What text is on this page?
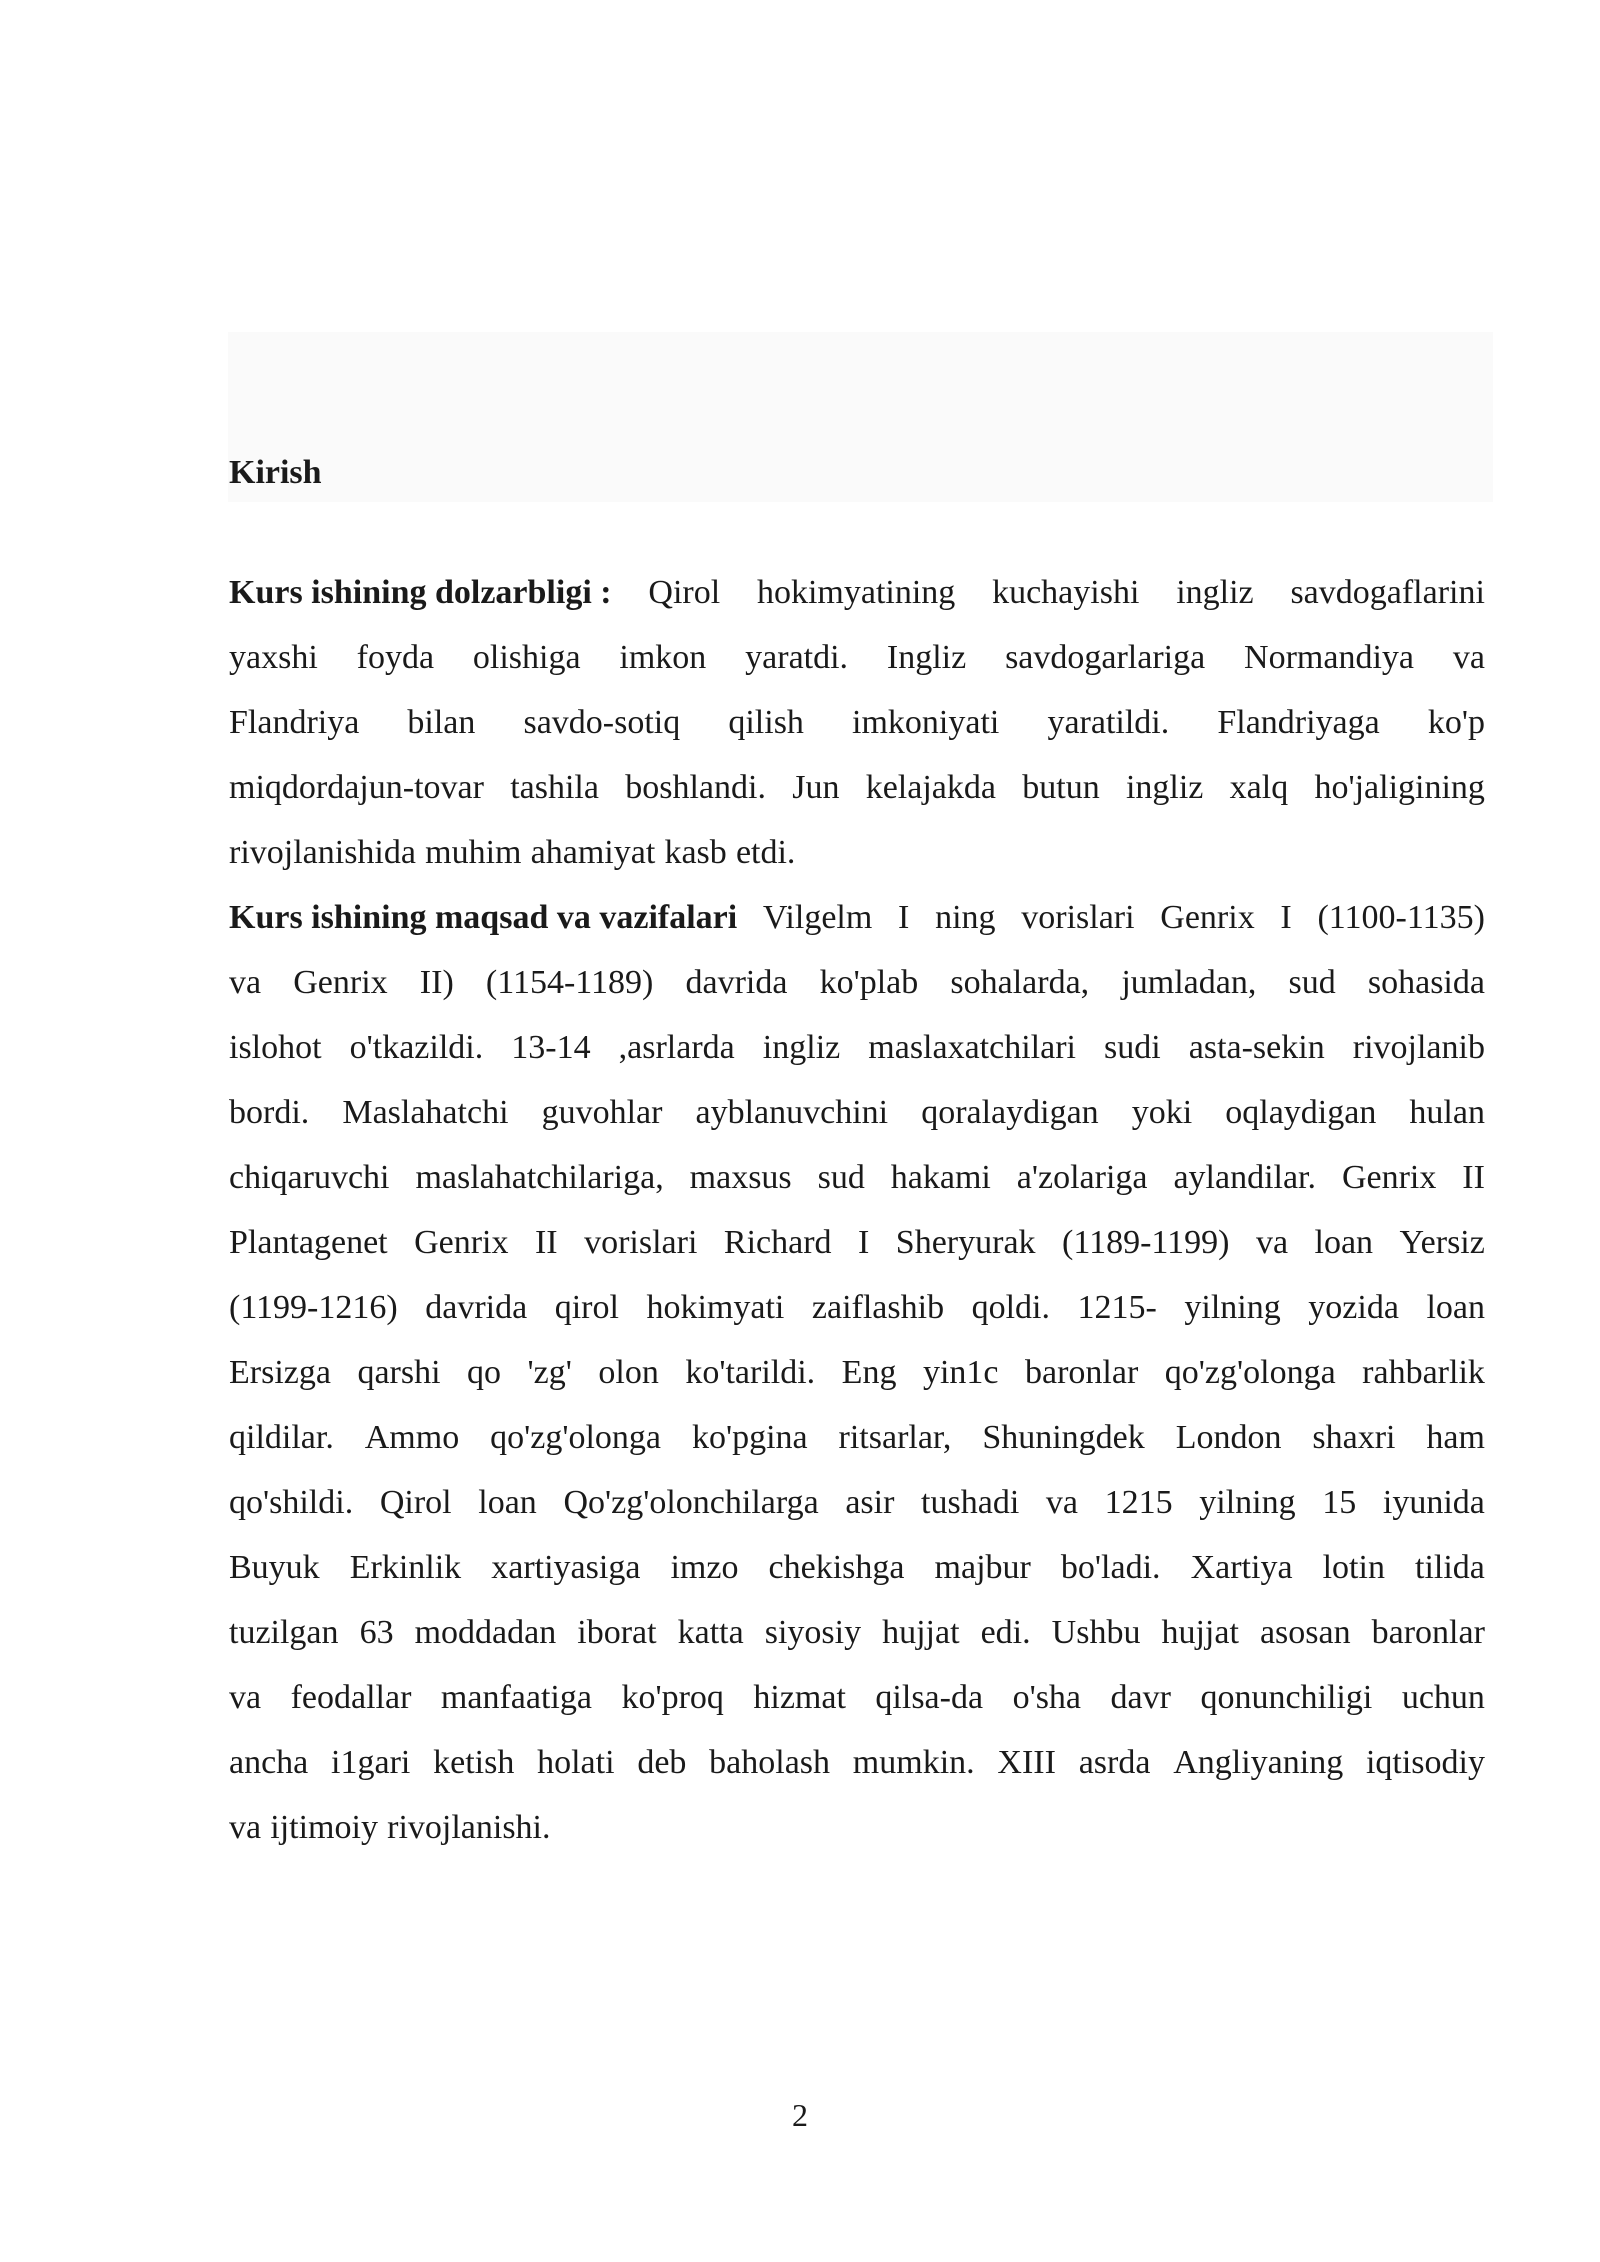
Kirish
Kurs ishining dolzarbligi : Qirol hokimyatining kuchayishi ingliz savdogaflarini
yaxshi foyda olishiga imkon yaratdi. Ingliz savdogarlariga Normandiya va
Flandriya bilan savdo-sotiq qilish imkoniyati yaratildi. Flandriyaga ko'p
miqdordajun-tovar tashila boshlandi. Jun kelajakda butun ingliz xalq ho'jaligining
rivojlanishida muhim ahamiyat kasb etdi.
Kurs ishining maqsad va vazifalari Vilgelm I ning vorislari Genrix I (1100-1135)
va Genrix II) (1154-1189) davrida ko'plab sohalarda, jumladan, sud sohasida
islohot o'tkazildi. 13-14 ,asrlarda ingliz maslaxatchilari sudi asta-sekin rivojlanib
bordi. Maslahatchi guvohlar ayblanuvchini qoralaydigan yoki oqlaydigan hulan
chiqaruvchi maslahatchilariga, maxsus sud hakami a'zolariga aylandilar. Genrix II
Plantagenet Genrix II vorislari Richard I Sheryurak (1189-1199) va loan Yersiz
(1199-1216) davrida qirol hokimyati zaiflashib qoldi. 1215- yilning yozida loan
Ersizga qarshi qo 'zg' olon ko'tarildi. Eng yin1c baronlar qo'zg'olonga rahbarlik
qildilar. Ammo qo'zg'olonga ko'pgina ritsarlar, Shuningdek London shaxri ham
qo'shildi. Qirol loan Qo'zg'olonchilarga asir tushadi va 1215 yilning 15 iyunida
Buyuk Erkinlik xartiyasiga imzo chekishga majbur bo'ladi. Xartiya lotin tilida
tuzilgan 63 moddadan iborat katta siyosiy hujjat edi. Ushbu hujjat asosan baronlar
va feodallar manfaatiga ko'proq hizmat qilsa-da o'sha davr qonunchiligi uchun
ancha i1gari ketish holati deb baholash mumkin. XIII asrda Angliyaning iqtisodiy
va ijtimoiy rivojlanishi.
2
